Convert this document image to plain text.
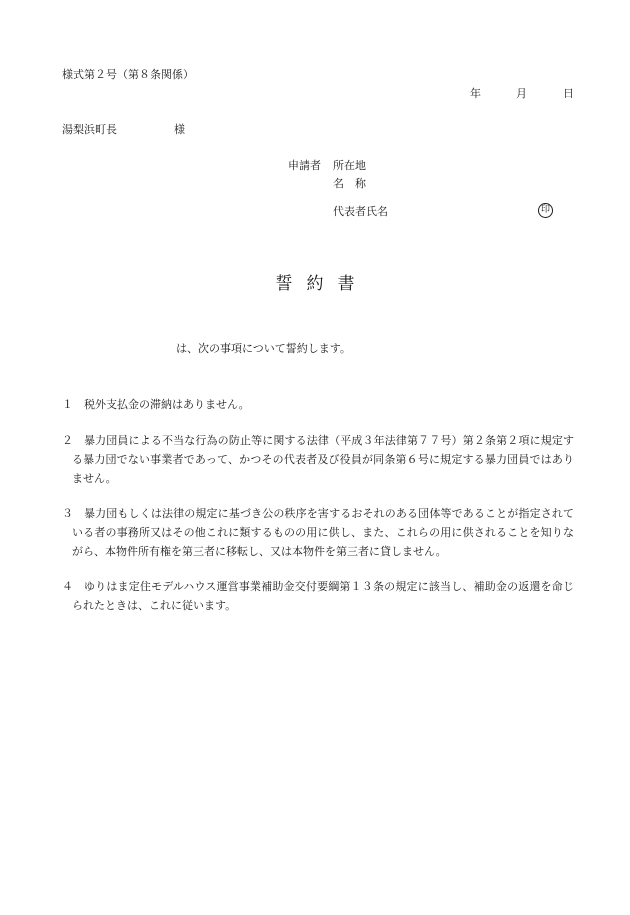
様式第２号（第８条関係）
年	月	日
湯梨浜町長	様
申請者 所在地
名　称
代表者氏名	印
誓約書
は、次の事項について誓約します。
１	税外支払金の滞納はありません。
２	暴力団員による不当な行為の防止等に関する法律（平成３年法律第７７号）第２条第２項に規定する暴力団でない事業者であって、かつその代表者及び役員が同条第６号に規定する暴力団員ではありません。
３	暴力団もしくは法律の規定に基づき公の秩序を害するおそれのある団体等であることが指定されている者の事務所又はその他これに類するものの用に供し、また、これらの用に供されることを知りながら、本物件所有権を第三者に移転し、又は本物件を第三者に貸しません。
４	ゆりはま定住モデルハウス運営事業補助金交付要綱第１３条の規定に該当し、補助金の返還を命じられたときは、これに従います。
